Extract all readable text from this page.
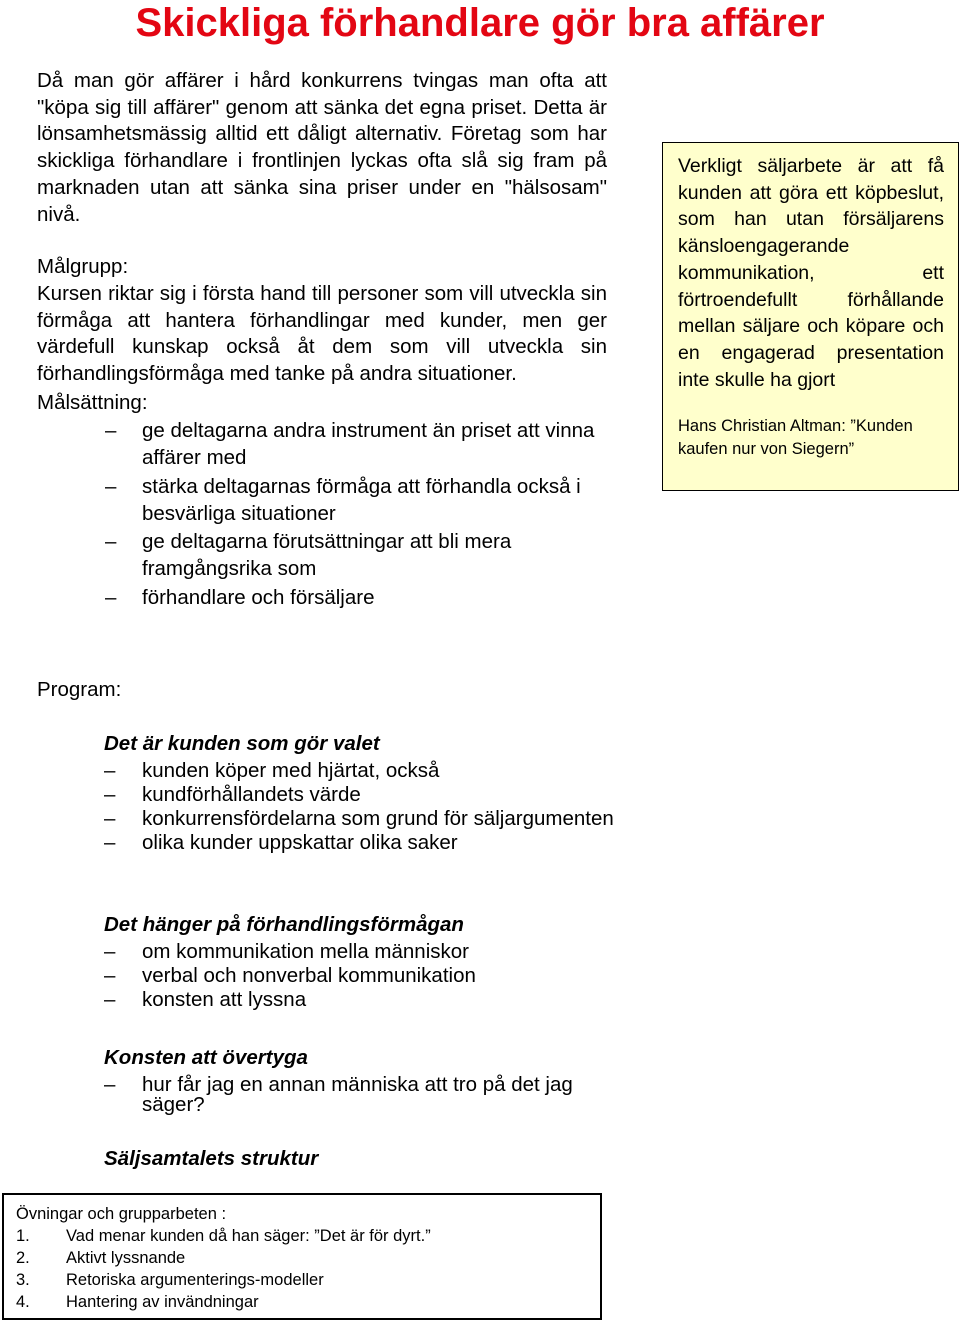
Skickliga förhandlare gör bra affärer

Då man gör affärer i hård konkurrens tvingas man ofta att "köpa sig till affärer" genom att sänka det egna priset. Detta är lönsamhetsmässig alltid ett dåligt alternativ. Företag som har skickliga förhandlare i frontlinjen lyckas ofta slå sig fram på marknaden utan att sänka sina priser under en "hälsosam" nivå.

Målgrupp:

Kursen riktar sig i första hand till personer som vill utveckla sin förmåga att hantera förhandlingar med kunder, men ger värdefull kunskap också åt dem som vill utveckla sin förhandlingsförmåga med tanke på andra situationer.

Målsättning:

– ge deltagarna andra instrument än priset att vinna affärer med
– stärka deltagarnas förmåga att förhandla också i besvärliga situationer
– ge deltagarna förutsättningar att bli mera framgångsrika som
– förhandlare och försäljare
Program:
Det är kunden som gör valet
– kunden köper med hjärtat, också
– kundförhållandets värde
– konkurrensfördelarna som grund för säljargumenten
– olika kunder uppskattar olika saker
Det hänger på förhandlingsförmågan
– om kommunikation mella människor
– verbal och nonverbal kommunikation
– konsten att lyssna
Konsten att övertyga
– hur får jag en annan människa att tro på det jag säger?
Säljsamtalets struktur

Verkligt säljarbete är att få kunden att göra ett köpbeslut, som han utan försäljarens känsloengagerande kommunikation, ett förtroendefullt förhållande mellan säljare och köpare och en engagerad presentation inte skulle ha gjort

Hans Christian Altman: ”Kunden kaufen nur von Siegern”
Övningar och grupparbeten :
1.	Vad menar kunden då han säger: ”Det är för dyrt.”
2.	Aktivt lyssnande
3.	Retoriska argumenterings-modeller
4.	Hantering av invändningar
